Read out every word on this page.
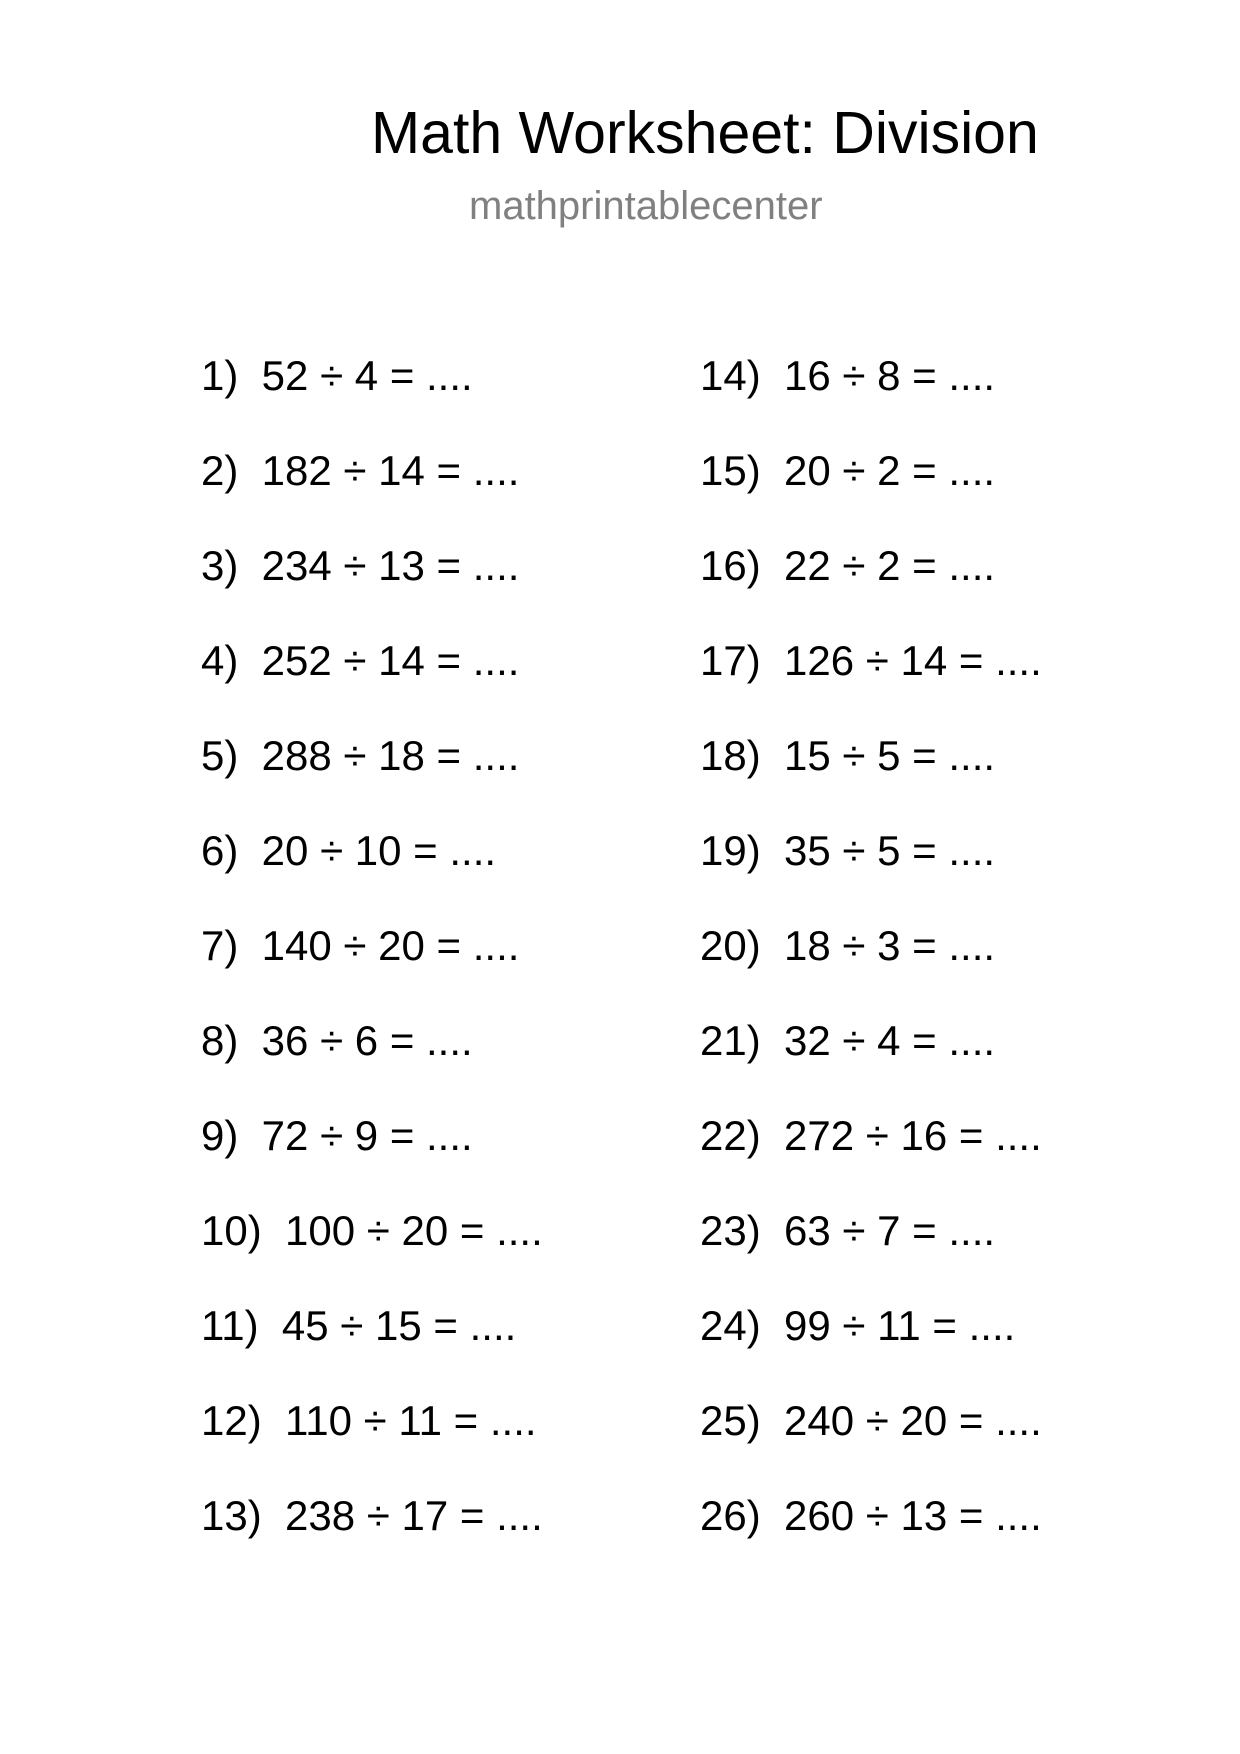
Math Worksheet: Division
mathprintablecenter
1)  52 ÷ 4 = ....
2)  182 ÷ 14 = ....
3)  234 ÷ 13 = ....
4)  252 ÷ 14 = ....
5)  288 ÷ 18 = ....
6)  20 ÷ 10 = ....
7)  140 ÷ 20 = ....
8)  36 ÷ 6 = ....
9)  72 ÷ 9 = ....
10)  100 ÷ 20 = ....
11)  45 ÷ 15 = ....
12)  110 ÷ 11 = ....
13)  238 ÷ 17 = ....
14)  16 ÷ 8 = ....
15)  20 ÷ 2 = ....
16)  22 ÷ 2 = ....
17)  126 ÷ 14 = ....
18)  15 ÷ 5 = ....
19)  35 ÷ 5 = ....
20)  18 ÷ 3 = ....
21)  32 ÷ 4 = ....
22)  272 ÷ 16 = ....
23)  63 ÷ 7 = ....
24)  99 ÷ 11 = ....
25)  240 ÷ 20 = ....
26)  260 ÷ 13 = ....
